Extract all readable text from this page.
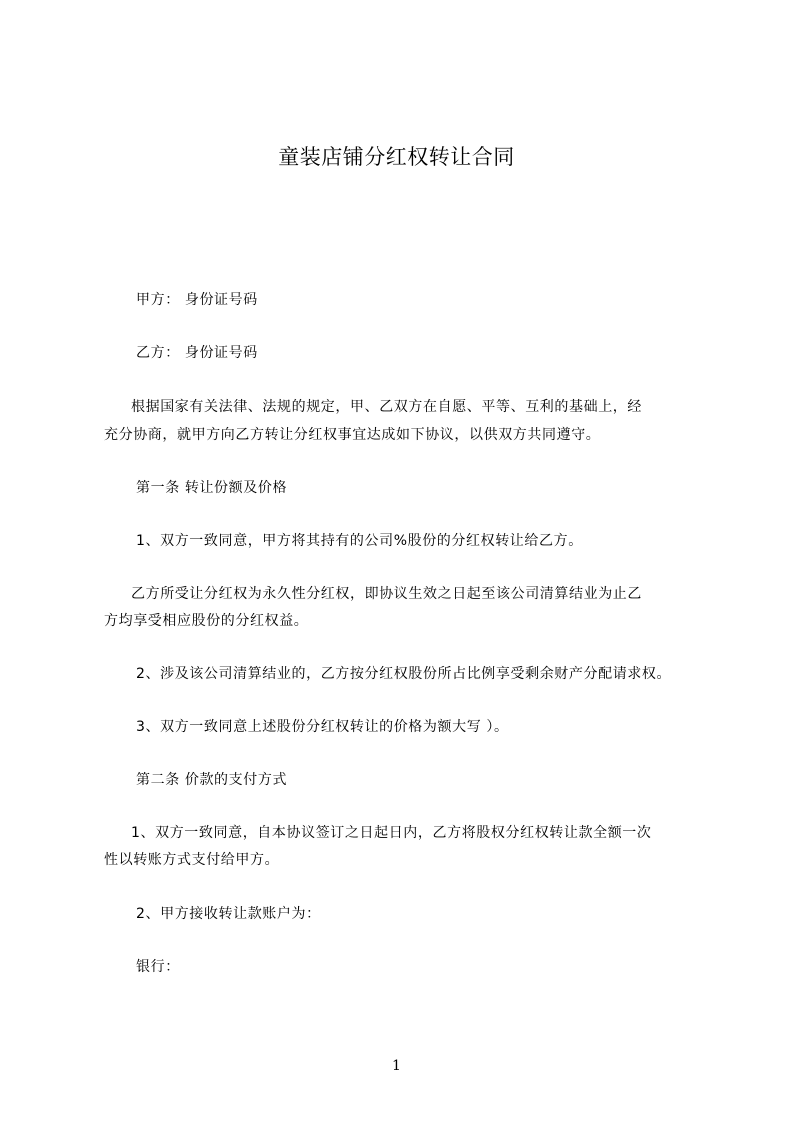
童装店铺分红权转让合同
甲方： 身份证号码
乙方： 身份证号码
根据国家有关法律、法规的规定，甲、乙双方在自愿、平等、互利的基础上，经
充分协商，就甲方向乙方转让分红权事宜达成如下协议，以供双方共同遵守。
第一条 转让份额及价格
1、双方一致同意，甲方将其持有的公司%股份的分红权转让给乙方。
乙方所受让分红权为永久性分红权，即协议生效之日起至该公司清算结业为止乙
方均享受相应股份的分红权益。
2、涉及该公司清算结业的，乙方按分红权股份所占比例享受剩余财产分配请求权。
3、双方一致同意上述股份分红权转让的价格为额大写 ）。
第二条 价款的支付方式
1、双方一致同意，自本协议签订之日起日内，乙方将股权分红权转让款全额一次
性以转账方式支付给甲方。
2、甲方接收转让款账户为：
银行：
1
